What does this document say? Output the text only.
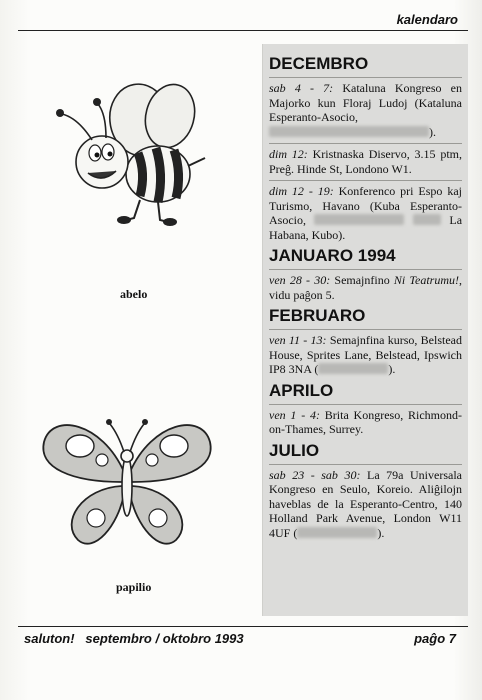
kalendaro
abelo
papilio
DECEMBRO

sab 4 - 7: Kataluna Kongreso en Majorko kun Floraj Ludoj (Kataluna Esperanto-Asocio, ).

dim 12: Kristnaska Diservo, 3.15 ptm, Preĝ. Hinde St, Londono W1.

dim 12 - 19: Konferenco pri Espo kaj Turismo, Havano (Kuba Esperanto-Asocio,	La Habana, Kubo).

JANUARO 1994

ven 28 - 30: Semajnfino Ni Teatrumu!, vidu paĝon 5.

FEBRUARO

ven 11 - 13: Semajnfina kurso, Belstead House, Sprites Lane, Belstead, Ipswich IP8 3NA (	).

APRILO

ven 1 - 4: Brita Kongreso, Richmond-on-Thames, Surrey.

JULIO

sab 23 - sab 30: La 79a Universala Kongreso en Seulo, Koreio. Aliĝilojn haveblas de la Esperanto-Centro, 140 Holland Park Avenue, London W11 4UF (	).

saluton! septembro / oktobro 1993	paĝo 7
